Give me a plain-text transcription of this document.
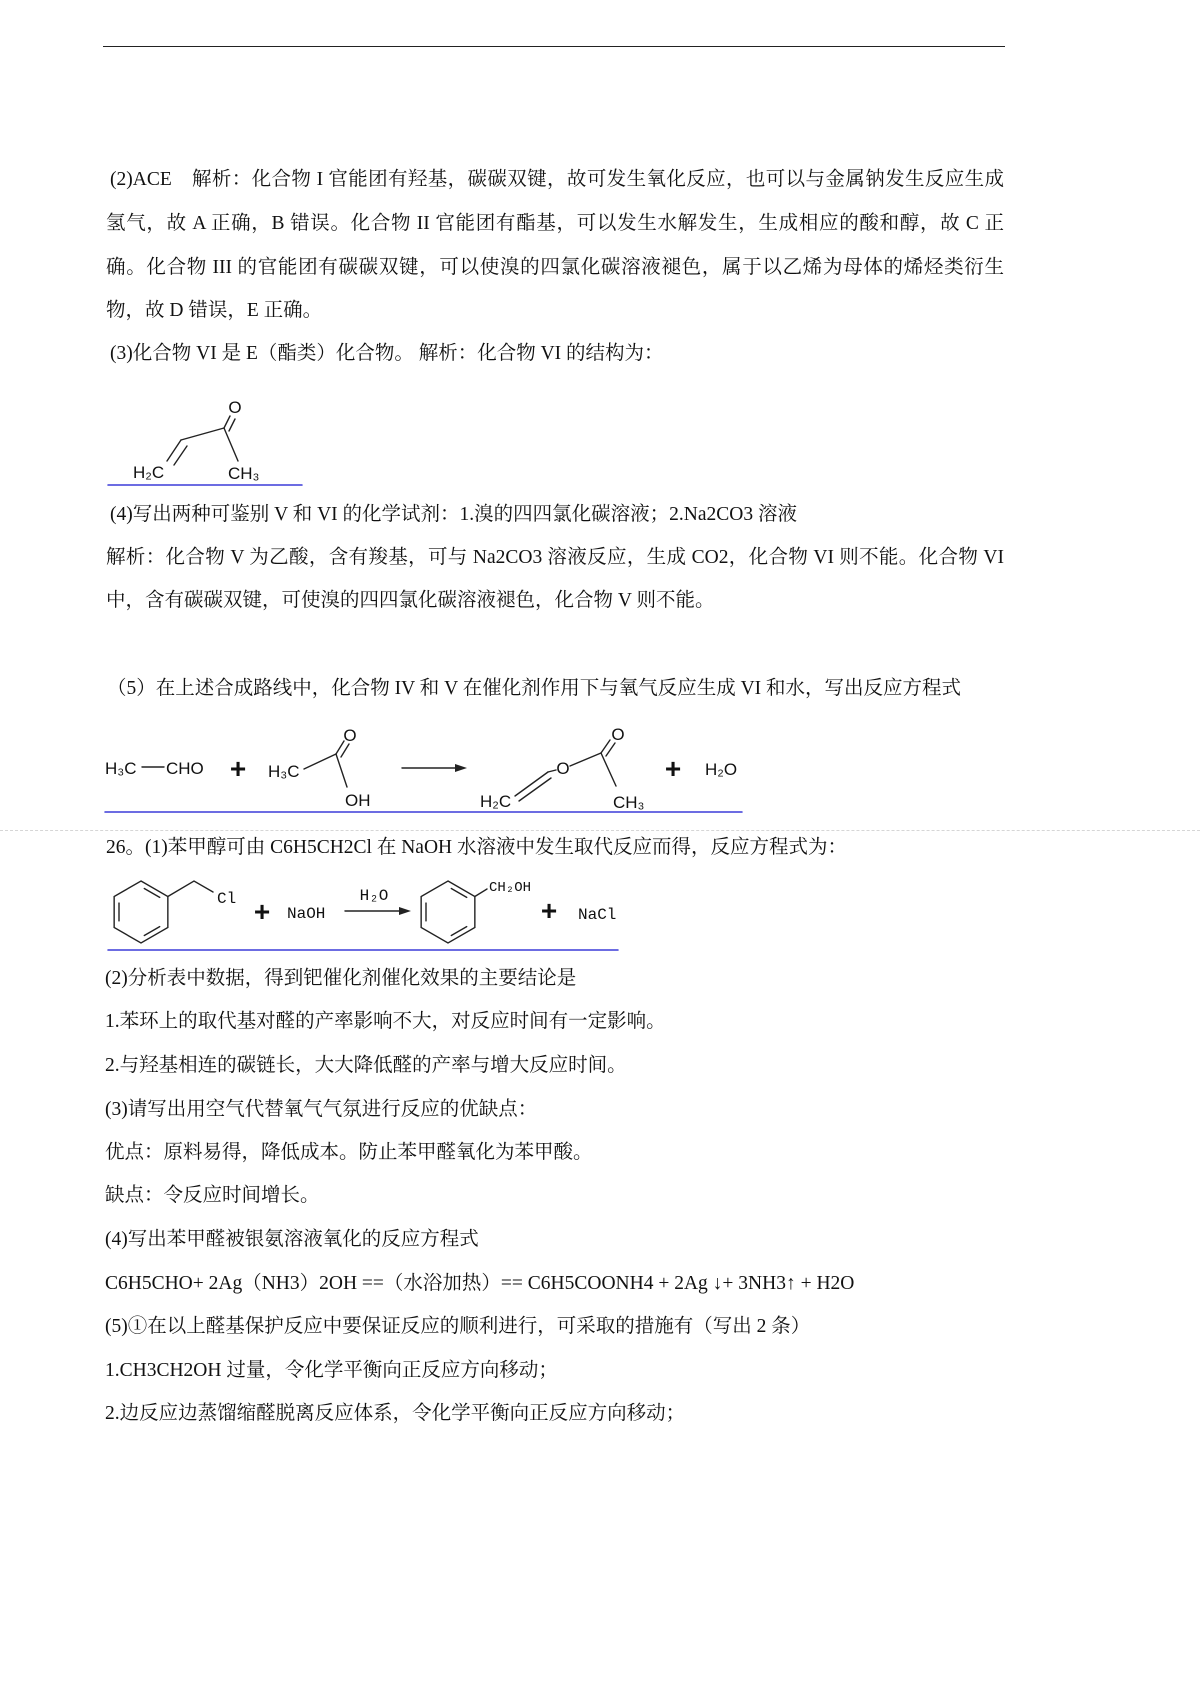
(2)ACE　解析：化合物 I 官能团有羟基，碳碳双键，故可发生氧化反应，也可以与金属钠发生反应生成
氢气，故 A 正确，B 错误。化合物 II 官能团有酯基，可以发生水解发生，生成相应的酸和醇，故 C 正
确。化合物 III 的官能团有碳碳双键，可以使溴的四氯化碳溶液褪色，属于以乙烯为母体的烯烃类衍生
物，故 D 错误，E 正确。
(3)化合物 VI 是 E（酯类）化合物。 解析：化合物 VI 的结构为：
O
H₂C	CH₃
(4)写出两种可鉴别 V 和 VI 的化学试剂：1.溴的四四氯化碳溶液；2.Na2CO3 溶液
解析：化合物 V 为乙酸，含有羧基，可与 Na2CO3 溶液反应，生成 CO2，化合物 VI 则不能。化合物 VI
中，含有碳碳双键，可使溴的四四氯化碳溶液褪色，化合物 V 则不能。
（5）在上述合成路线中，化合物 IV 和 V 在催化剂作用下与氧气反应生成 VI 和水，写出反应方程式
H₃C CHO + H₃C
O
OH	H₂C
O
O
CH₃
+ H₂O
26。(1)苯甲醇可由 C6H5CH2Cl 在 NaOH 水溶液中发生取代反应而得，反应方程式为：
Cl + NaOH
H₂O	CH₂OH
+ NaCl
(2)分析表中数据，得到钯催化剂催化效果的主要结论是
1.苯环上的取代基对醛的产率影响不大，对反应时间有一定影响。
2.与羟基相连的碳链长，大大降低醛的产率与增大反应时间。
(3)请写出用空气代替氧气气氛进行反应的优缺点：
优点：原料易得，降低成本。防止苯甲醛氧化为苯甲酸。
缺点：令反应时间增长。
(4)写出苯甲醛被银氨溶液氧化的反应方程式
C6H5CHO+ 2Ag（NH3）2OH ==（水浴加热）== C6H5COONH4 + 2Ag ↓+ 3NH3↑ + H2O
(5)①在以上醛基保护反应中要保证反应的顺利进行，可采取的措施有（写出 2 条）
1.CH3CH2OH 过量，令化学平衡向正反应方向移动；
2.边反应边蒸馏缩醛脱离反应体系，令化学平衡向正反应方向移动；
